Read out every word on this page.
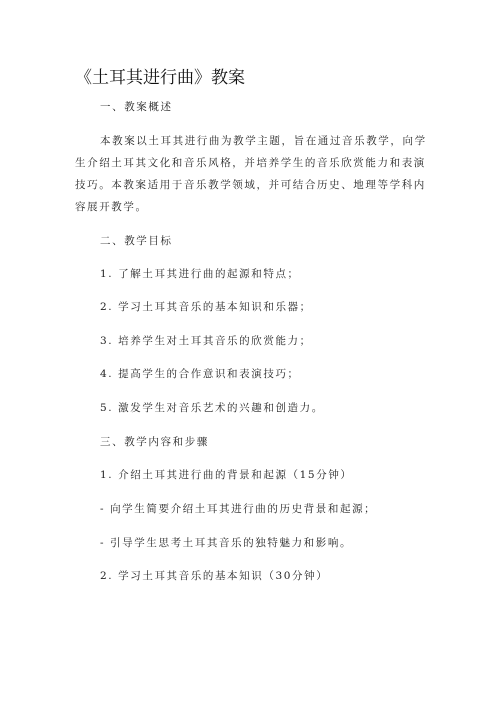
《土耳其进行曲》教案
一、教案概述
本教案以土耳其进行曲为教学主题，旨在通过音乐教学，向学
生介绍土耳其文化和音乐风格，并培养学生的音乐欣赏能力和表演
技巧。本教案适用于音乐教学领域，并可结合历史、地理等学科内
容展开教学。
二、教学目标
1. 了解土耳其进行曲的起源和特点；
2. 学习土耳其音乐的基本知识和乐器；
3. 培养学生对土耳其音乐的欣赏能力；
4. 提高学生的合作意识和表演技巧；
5. 激发学生对音乐艺术的兴趣和创造力。
三、教学内容和步骤
1. 介绍土耳其进行曲的背景和起源（15分钟）
- 向学生简要介绍土耳其进行曲的历史背景和起源；
- 引导学生思考土耳其音乐的独特魅力和影响。
2. 学习土耳其音乐的基本知识（30分钟）
